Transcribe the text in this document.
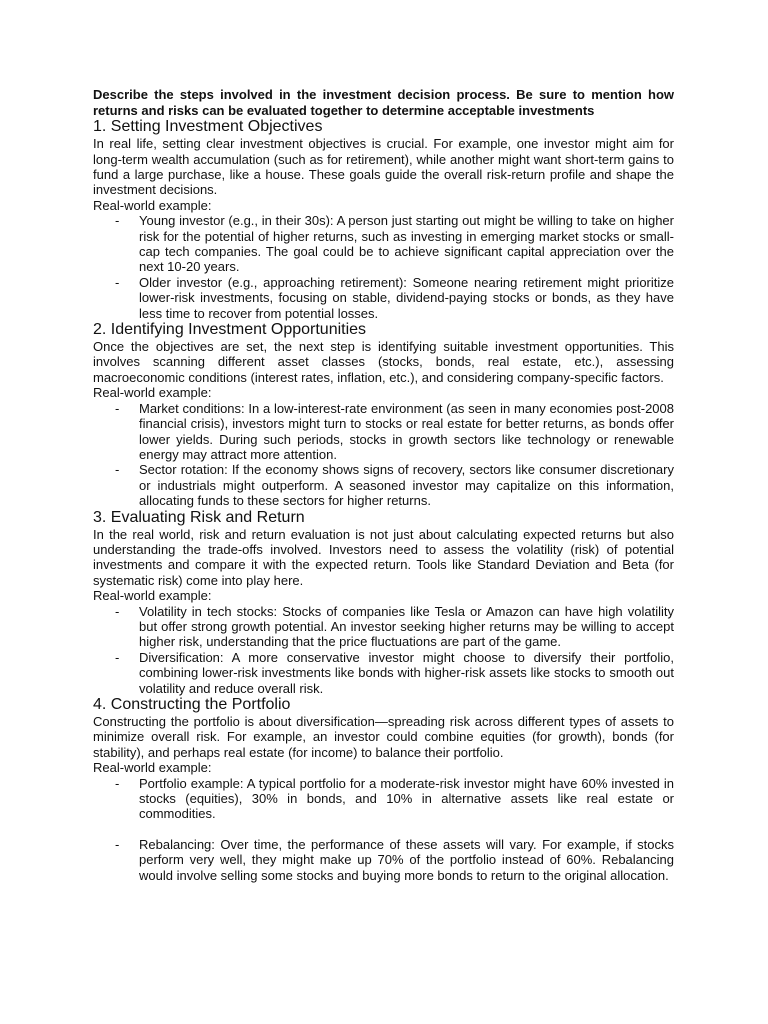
Describe the steps involved in the investment decision process. Be sure to mention how returns and risks can be evaluated together to determine acceptable investments

1. Setting Investment Objectives

In real life, setting clear investment objectives is crucial. For example, one investor might aim for long-term wealth accumulation (such as for retirement), while another might want short-term gains to fund a large purchase, like a house. These goals guide the overall risk-return profile and shape the investment decisions.

Real-world example:
- Young investor (e.g., in their 30s): A person just starting out might be willing to take on higher risk for the potential of higher returns, such as investing in emerging market stocks or small-cap tech companies. The goal could be to achieve significant capital appreciation over the next 10-20 years.
- Older investor (e.g., approaching retirement): Someone nearing retirement might prioritize lower-risk investments, focusing on stable, dividend-paying stocks or bonds, as they have less time to recover from potential losses.
2. Identifying Investment Opportunities

Once the objectives are set, the next step is identifying suitable investment opportunities. This involves scanning different asset classes (stocks, bonds, real estate, etc.), assessing macroeconomic conditions (interest rates, inflation, etc.), and considering company-specific factors.

Real-world example:
- Market conditions: In a low-interest-rate environment (as seen in many economies post-2008 financial crisis), investors might turn to stocks or real estate for better returns, as bonds offer lower yields. During such periods, stocks in growth sectors like technology or renewable energy may attract more attention.
- Sector rotation: If the economy shows signs of recovery, sectors like consumer discretionary or industrials might outperform. A seasoned investor may capitalize on this information, allocating funds to these sectors for higher returns.
3. Evaluating Risk and Return

In the real world, risk and return evaluation is not just about calculating expected returns but also understanding the trade-offs involved. Investors need to assess the volatility (risk) of potential investments and compare it with the expected return. Tools like Standard Deviation and Beta (for systematic risk) come into play here.

Real-world example:
- Volatility in tech stocks: Stocks of companies like Tesla or Amazon can have high volatility but offer strong growth potential. An investor seeking higher returns may be willing to accept higher risk, understanding that the price fluctuations are part of the game.
- Diversification: A more conservative investor might choose to diversify their portfolio, combining lower-risk investments like bonds with higher-risk assets like stocks to smooth out volatility and reduce overall risk.
4. Constructing the Portfolio

Constructing the portfolio is about diversification—spreading risk across different types of assets to minimize overall risk. For example, an investor could combine equities (for growth), bonds (for stability), and perhaps real estate (for income) to balance their portfolio.

Real-world example:
- Portfolio example: A typical portfolio for a moderate-risk investor might have 60% invested in stocks (equities), 30% in bonds, and 10% in alternative assets like real estate or commodities.
- Rebalancing: Over time, the performance of these assets will vary. For example, if stocks perform very well, they might make up 70% of the portfolio instead of 60%. Rebalancing would involve selling some stocks and buying more bonds to return to the original allocation.
